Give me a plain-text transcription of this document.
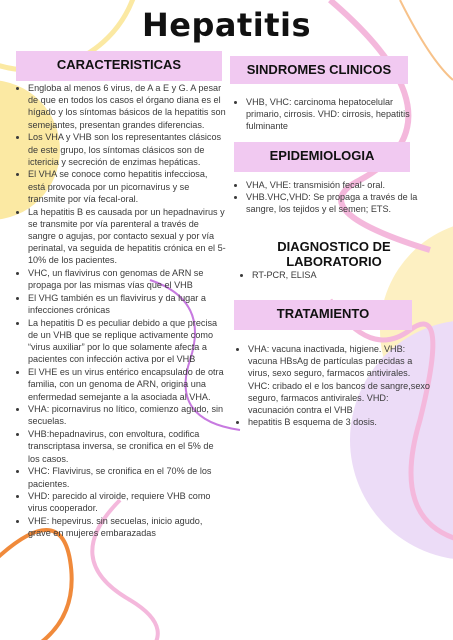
Hepatitis
CARACTERISTICAS
• Engloba al menos 6 virus, de A a E y G. A pesar de que en todos los casos el órgano diana es el hígado y los síntomas básicos de la hepatitis son semejantes, presentan grandes diferencias.
• Los VHA y VHB son los representantes clásicos de este grupo, los síntomas clásicos son de ictericia y secreción de enzimas hepáticas.
• El VHA se conoce como hepatitis infecciosa, está provocada por un picornavirus y se transmite por vía fecal-oral.
• La hepatitis B es causada por un hepadnavirus y se transmite por vía parenteral a través de sangre o agujas, por contacto sexual y por vía perinatal, va seguida de hepatitis crónica en el 5-10% de los pacientes.
• VHC, un flavivirus con genomas de ARN se propaga por las mismas vías que el VHB
• El VHG también es un flavivirus y da lugar a infecciones crónicas
• La hepatitis D es peculiar debido a que precisa de un VHB que se replique activamente como “virus auxiliar” por lo que solamente afecta a pacientes con infección activa por el VHB
• El VHE es un virus entérico encapsulado de otra familia, con un genoma de ARN, origina una enfermedad semejante a la asociada al VHA.
• VHA: picornavirus no lítico, comienzo agudo, sin secuelas.
• VHB:hepadnavirus, con envoltura, codifica transcriptasa inversa, se cronifica en el 5% de los casos.
• VHC: Flavivirus, se cronifica en el 70% de los pacientes.
• VHD: parecido al viroide, requiere VHB como virus cooperador.
• VHE: hepevirus. sin secuelas, inicio agudo, grave en mujeres embarazadas
SINDROMES CLINICOS
• VHB, VHC: carcinoma hepatocelular primario, cirrosis. VHD: cirrosis, hepatitis fulminante
EPIDEMIOLOGIA
• VHA, VHE: transmisión fecal- oral.
• VHB.VHC,VHD: Se propaga a través de la sangre, los tejidos y el semen; ETS.
DIAGNOSTICO DE LABORATORIO
• RT-PCR, ELISA
TRATAMIENTO
• VHA: vacuna inactivada, higiene. VHB: vacuna HBsAg de partículas parecidas a virus, sexo seguro, farmacos antivirales. VHC: cribado el e los bancos de sangre,sexo seguro, farmacos antivirales. VHD: vacunación contra el VHB
• hepatitis B esquema de 3 dosis.
